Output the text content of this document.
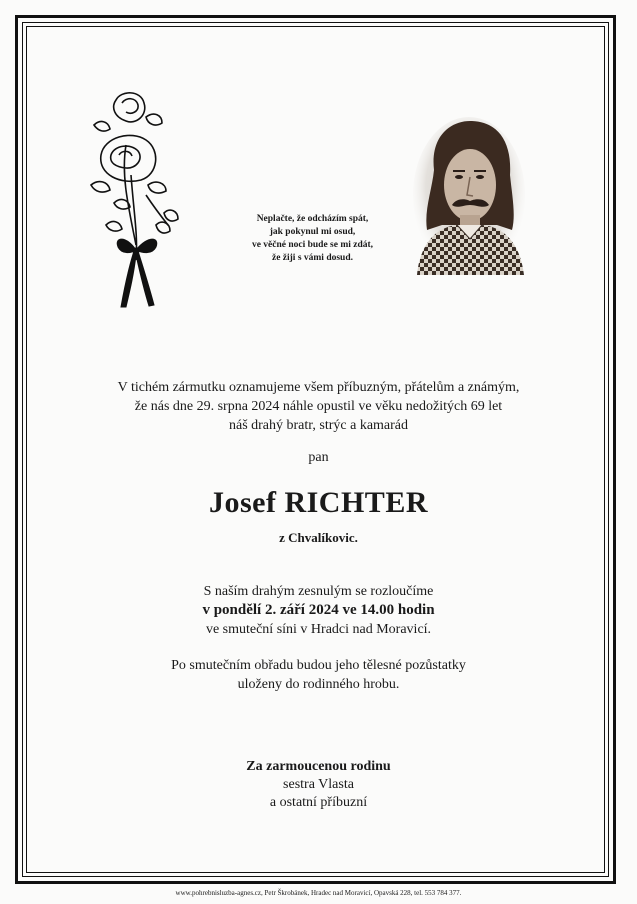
Neplačte, že odcházím spát,
jak pokynul mi osud,
ve věčné noci bude se mi zdát,
že žiji s vámi dosud.
V tichém zármutku oznamujeme všem příbuzným, přátelům a známým,
že nás dne 29. srpna 2024 náhle opustil ve věku nedožitých 69 let
náš drahý bratr, strýc a kamarád
pan
Josef RICHTER
z Chvalíkovic.
S naším drahým zesnulým se rozloučíme
v pondělí 2. září 2024 ve 14.00 hodin
ve smuteční síni v Hradci nad Moravicí.
Po smutečním obřadu budou jeho tělesné pozůstatky
uloženy do rodinného hrobu.
Za zarmoucenou rodinu
sestra Vlasta
a ostatní příbuzní
www.pohrebnisluzba-agnes.cz, Petr Škrobánek, Hradec nad Moravicí, Opavská 228, tel. 553 784 377.
